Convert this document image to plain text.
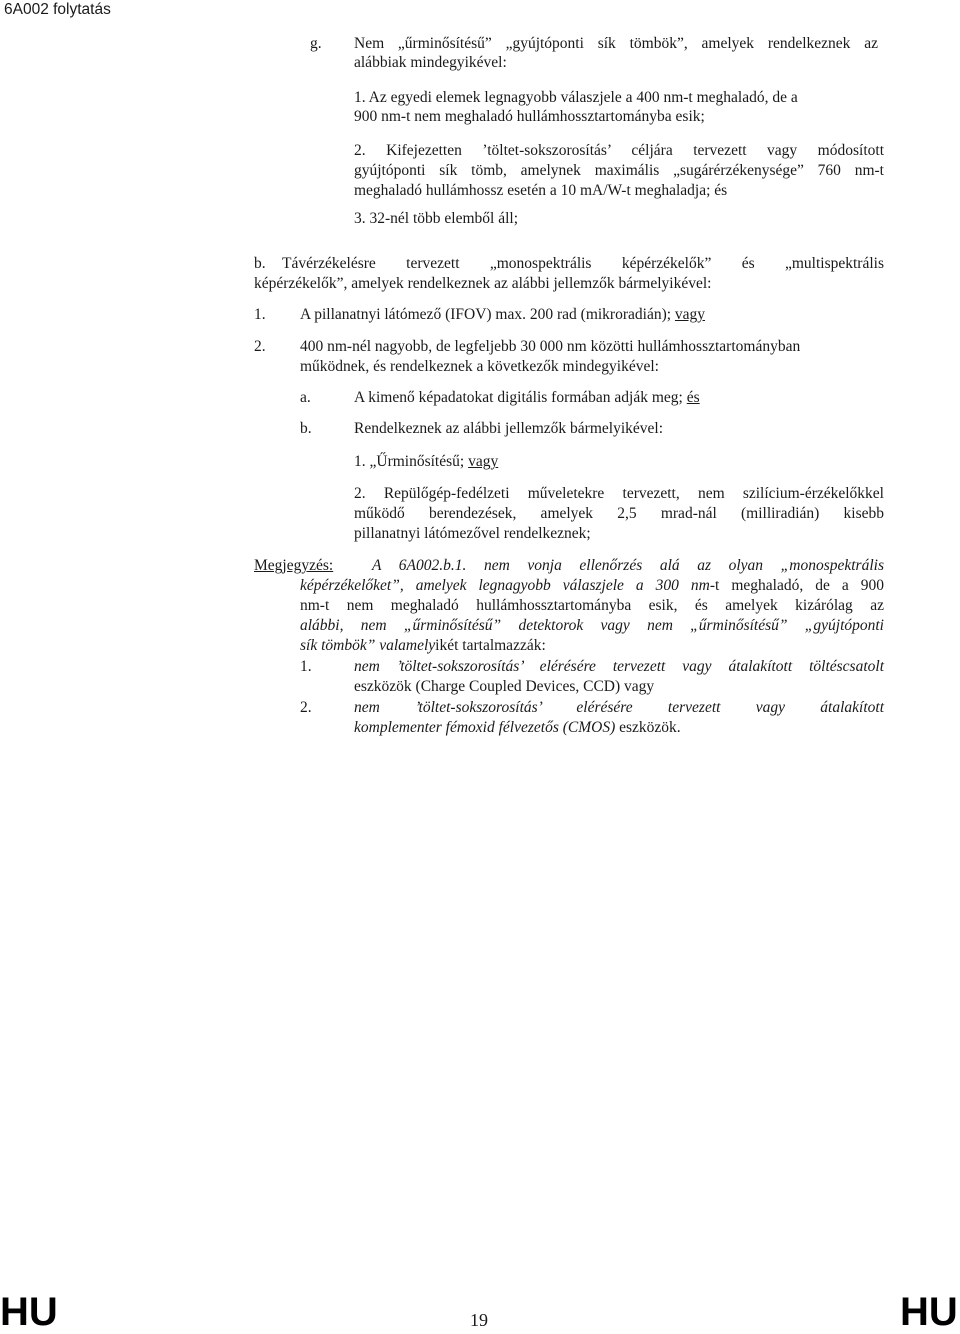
6A002 folytatás
g. Nem „űrminősítésű” „gyújtóponti sík tömbök”, amelyek rendelkeznek az
alábbiak mindegyikével:
1. Az egyedi elemek legnagyobb válaszjele a 400 nm-t meghaladó, de a
900 nm-t nem meghaladó hullámhossztartományba esik;
2. Kifejezetten ’töltet-sokszorosítás’ céljára tervezett vagy módosított
gyújtóponti sík tömb, amelynek maximális „sugárérzékenysége” 760 nm-t
meghaladó hullámhossz esetén a 10 mA/W-t meghaladja; és
3. 32-nél több elemből áll;
b. Távérzékelésre tervezett „monospektrális képérzékelők” és „multispektrális
képérzékelők”, amelyek rendelkeznek az alábbi jellemzők bármelyikével:
1. A pillanatnyi látómező (IFOV) max. 200 rad (mikroradián); vagy
2. 400 nm-nél nagyobb, de legfeljebb 30 000 nm közötti hullámhossztartományban
működnek, és rendelkeznek a következők mindegyikével:
a.	A kimenő képadatokat digitális formában adják meg; és
b.	Rendelkeznek az alábbi jellemzők bármelyikével:
1. „Űrminősítésű; vagy
2. Repülőgép-fedélzeti műveletekre tervezett, nem szilícium-érzékelőkkel
működő berendezések, amelyek 2,5 mrad-nál (milliradián) kisebb
pillanatnyi látómezővel rendelkeznek;
Megjegyzés:	A 6A002.b.1. nem vonja ellenőrzés alá az olyan „monospektrális
képérzékelőket”, amelyek legnagyobb válaszjele a 300 nm-t meghaladó, de a 900
nm-t nem meghaladó hullámhossztartományba esik, és amelyek kizárólag az
alábbi, nem „űrminősítésű” detektorok vagy nem „űrminősítésű” „gyújtóponti
sík tömbök” valamelyikét tartalmazzák:
1.	nem ’töltet-sokszorosítás’ elérésére tervezett vagy átalakított töltéscsatolt
eszközök (Charge Coupled Devices, CCD) vagy
2.	nem ’töltet-sokszorosítás’ elérésére tervezett vagy átalakított
komplementer fémoxid félvezetős (CMOS) eszközök.
HU	19	HU
